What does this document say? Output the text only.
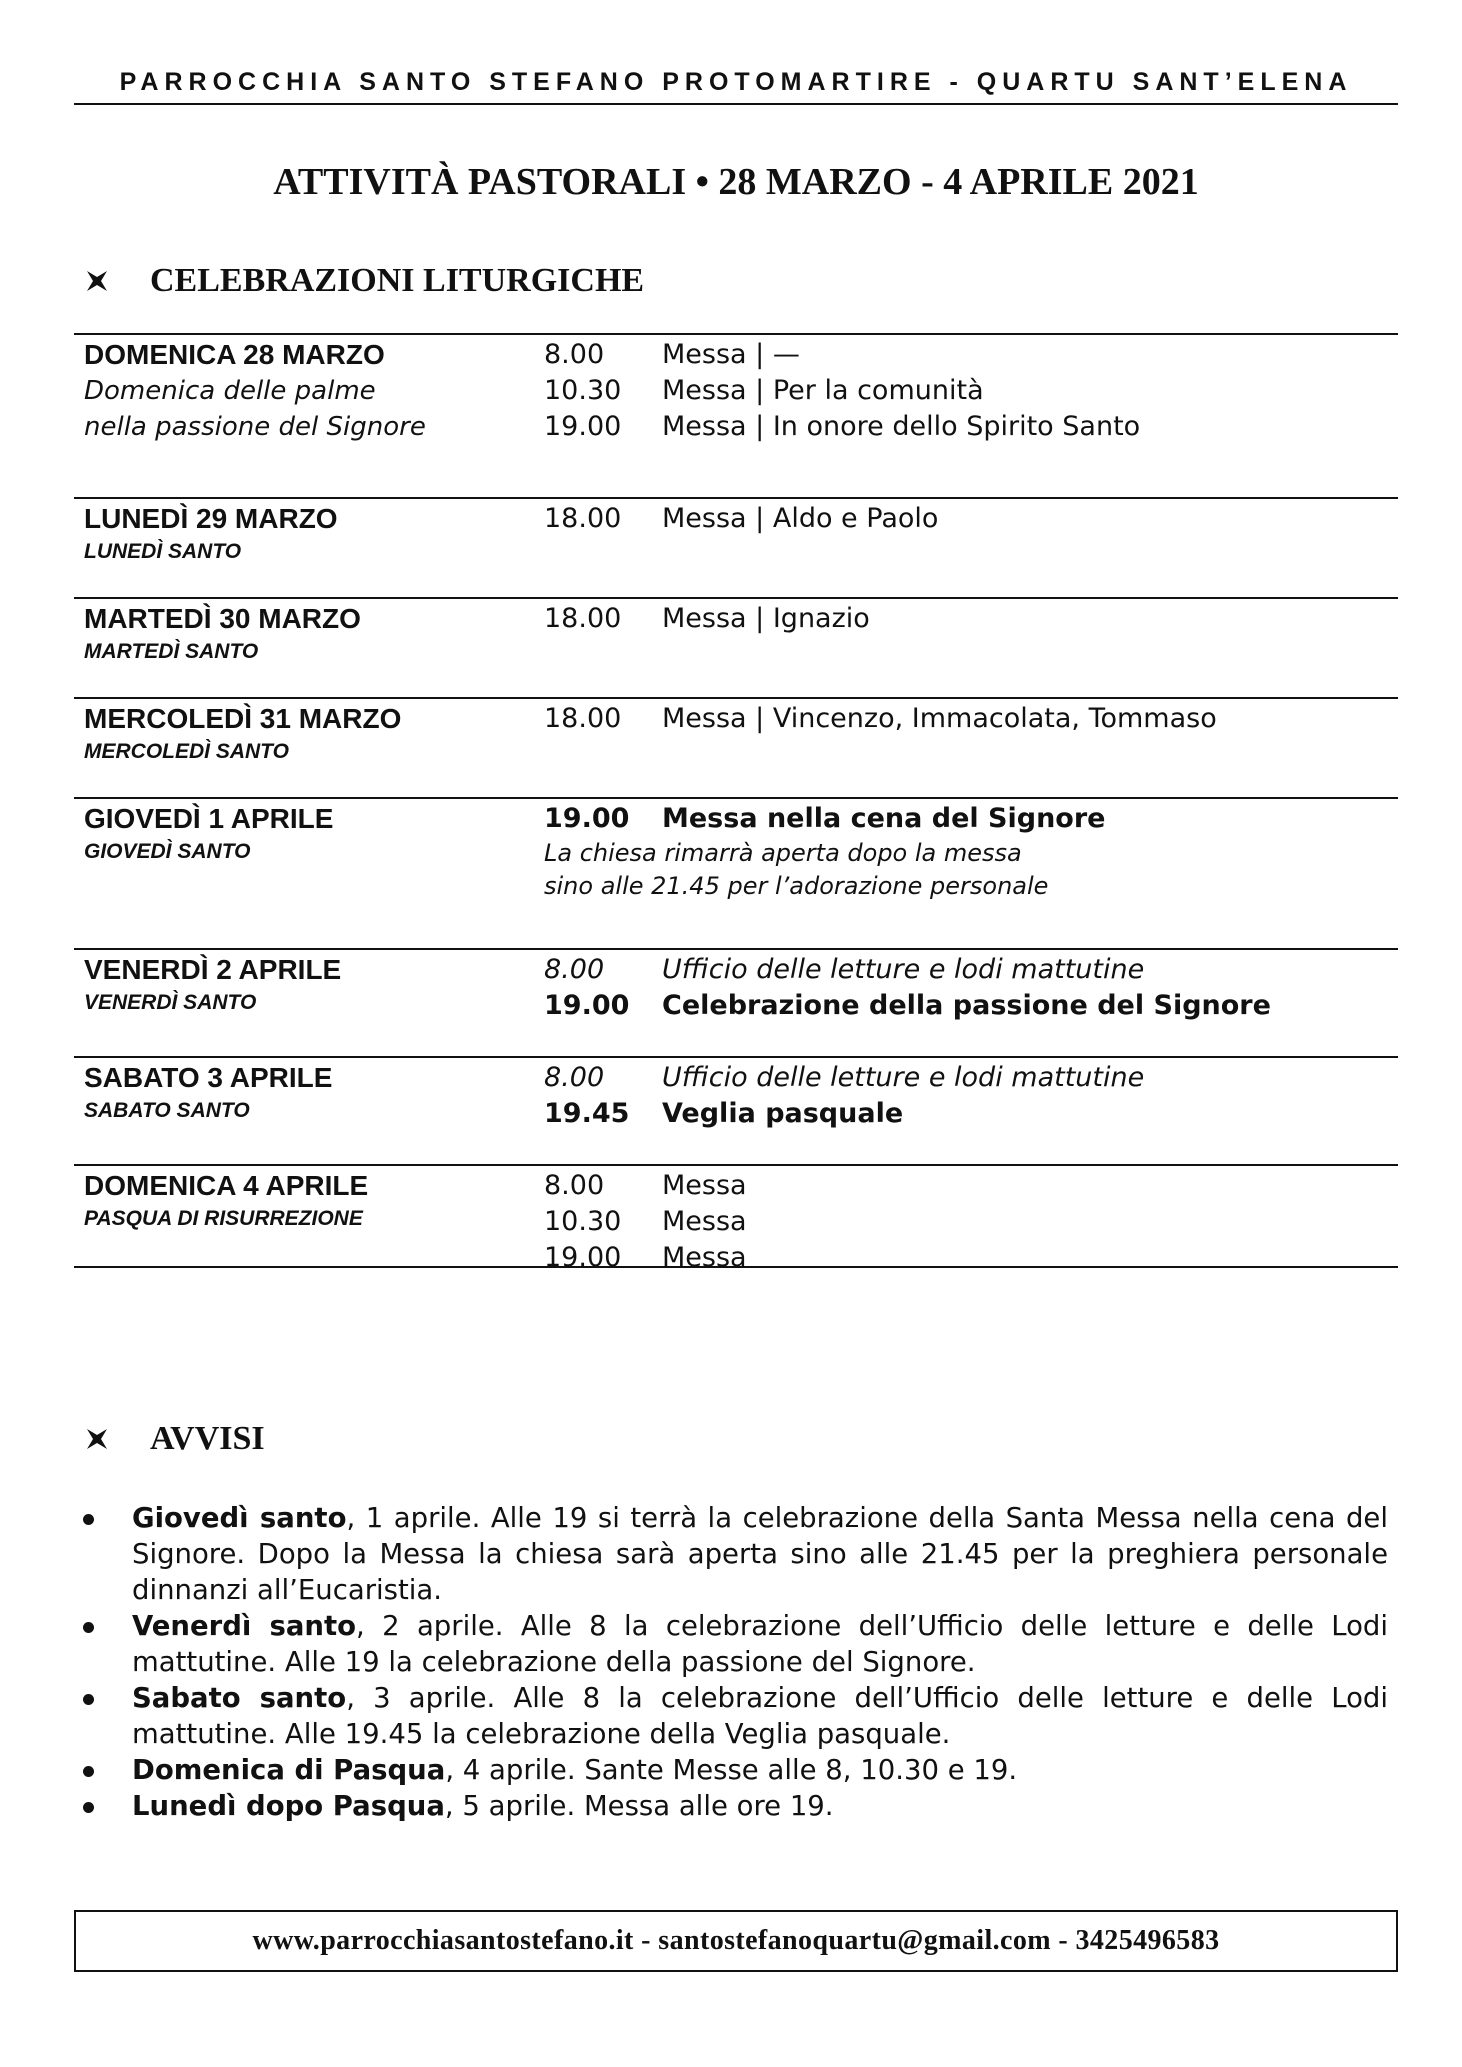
PARROCCHIA SANTO STEFANO PROTOMARTIRE - QUARTU SANT’ELENA
ATTIVITÀ PASTORALI • 28 MARZO - 4 APRILE 2021
CELEBRAZIONI LITURGICHE
DOMENICA 28 MARZO
Domenica delle palme
nella passione del Signore
8.00	Messa | —
10.30	Messa | Per la comunità
19.00	Messa | In onore dello Spirito Santo
LUNEDÌ 29 MARZO
LUNEDÌ SANTO
18.00	Messa | Aldo e Paolo
MARTEDÌ 30 MARZO
MARTEDÌ SANTO
18.00	Messa | Ignazio
MERCOLEDÌ 31 MARZO
MERCOLEDÌ SANTO
18.00	Messa | Vincenzo, Immacolata, Tommaso
GIOVEDÌ 1 APRILE
GIOVEDÌ SANTO
19.00	Messa nella cena del Signore
La chiesa rimarrà aperta dopo la messa
sino alle 21.45 per l’adorazione personale
VENERDÌ 2 APRILE
VENERDÌ SANTO
8.00	Ufficio delle letture e lodi mattutine
19.00	Celebrazione della passione del Signore
SABATO 3 APRILE
SABATO SANTO
8.00	Ufficio delle letture e lodi mattutine
19.45	Veglia pasquale
DOMENICA 4 APRILE
PASQUA DI RISURREZIONE
8.00	Messa
10.30	Messa
19.00	Messa
AVVISI
Giovedì santo, 1 aprile. Alle 19 si terrà la celebrazione della Santa Messa nella cena del Signore. Dopo la Messa la chiesa sarà aperta sino alle 21.45 per la preghiera personale dinnanzi all’Eucaristia.
Venerdì santo, 2 aprile. Alle 8 la celebrazione dell’Ufficio delle letture e delle Lodi mattutine. Alle 19 la celebrazione della passione del Signore.
Sabato santo, 3 aprile. Alle 8 la celebrazione dell’Ufficio delle letture e delle Lodi mattutine. Alle 19.45 la celebrazione della Veglia pasquale.
Domenica di Pasqua, 4 aprile. Sante Messe alle 8, 10.30 e 19.
Lunedì dopo Pasqua, 5 aprile. Messa alle ore 19.
www.parrocchiasantostefano.it - santostefanoquartu@gmail.com - 3425496583
